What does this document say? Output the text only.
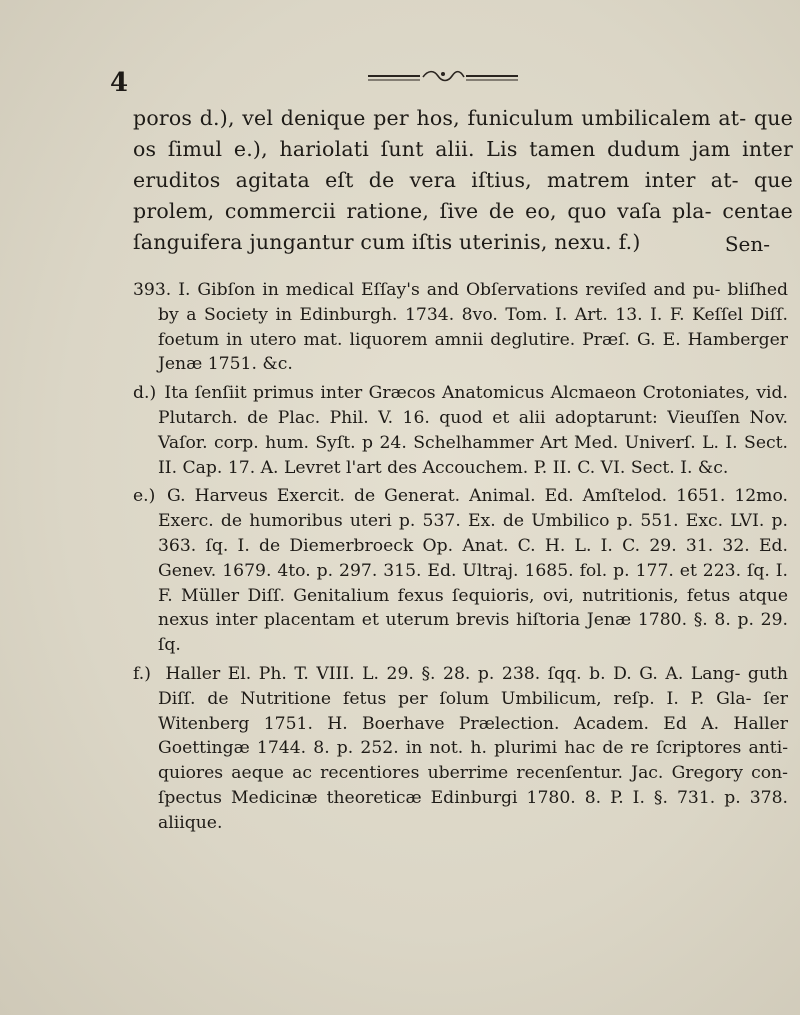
4

poros d.), vel denique per hos, funiculum umbilicalem at- que os ſimul e.), hariolati ſunt alii. Lis tamen dudum jam inter eruditos agitata eſt de vera iſtius, matrem inter at- que prolem, commercii ratione, ſive de eo, quo vaſa pla- centae ſanguifera jungantur cum iſtis uterinis, nexu. f.)	Sen-

393. I. Gibſon in medical Eſſay's and Obſervations reviſed and pu- bliſhed by a Society in Edinburgh. 1734. 8vo. Tom. I. Art. 13. I. F. Keſſel Diſſ. foetum in utero mat. liquorem amnii deglutire. Præſ. G. E. Hamberger Jenæ 1751. &c.

d.) Ita ſenſiit primus inter Græcos Anatomicus Alcmaeon Crotoniates, vid. Plutarch. de Plac. Phil. V. 16. quod et alii adoptarunt: Vieuſſen Nov. Vaſor. corp. hum. Syſt. p 24. Schelhammer Art Med. Univerſ. L. I. Sect. II. Cap. 17. A. Levret l'art des Accouchem. P. II. C. VI. Sect. I. &c.

e.) G. Harveus Exercit. de Generat. Animal. Ed. Amſtelod. 1651. 12mo. Exerc. de humoribus uteri p. 537. Ex. de Umbilico p. 551. Exc. LVI. p. 363. ſq. I. de Diemerbroeck Op. Anat. C. H. L. I. C. 29. 31. 32. Ed. Genev. 1679. 4to. p. 297. 315. Ed. Ultraj. 1685. fol. p. 177. et 223. ſq. I. F. Müller Diſſ. Genitalium fexus ſequioris, ovi, nutritionis, fetus atque nexus inter placentam et uterum brevis hiſtoria Jenæ 1780. §. 8. p. 29. ſq.

f.) Haller El. Ph. T. VIII. L. 29. §. 28. p. 238. ſqq. b. D. G. A. Lang- guth Diſſ. de Nutritione fetus per ſolum Umbilicum, reſp. I. P. Gla- ſer Witenberg 1751. H. Boerhave Prælection. Academ. Ed A. Haller Goettingæ 1744. 8. p. 252. in not. h. plurimi hac de re ſcriptores anti- quiores aeque ac recentiores uberrime recenſentur. Jac. Gregory con- ſpectus Medicinæ theoreticæ Edinburgi 1780. 8. P. I. §. 731. p. 378. aliique.
